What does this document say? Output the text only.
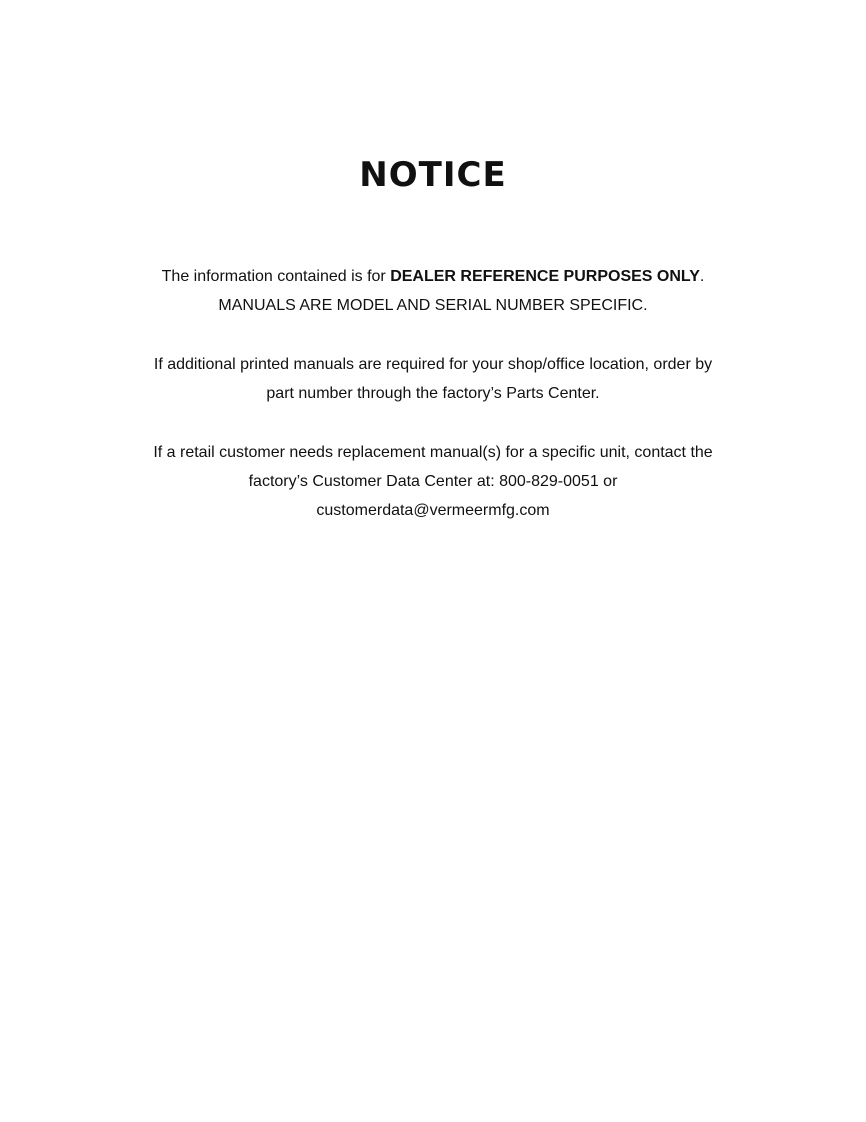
NOTICE

The information contained is for DEALER REFERENCE PURPOSES ONLY.
MANUALS ARE MODEL AND SERIAL NUMBER SPECIFIC.

If additional printed manuals are required for your shop/office location, order by
part number through the factory’s Parts Center.

If a retail customer needs replacement manual(s) for a specific unit, contact the
factory’s Customer Data Center at: 800-829-0051 or
customerdata@vermeermfg.com
